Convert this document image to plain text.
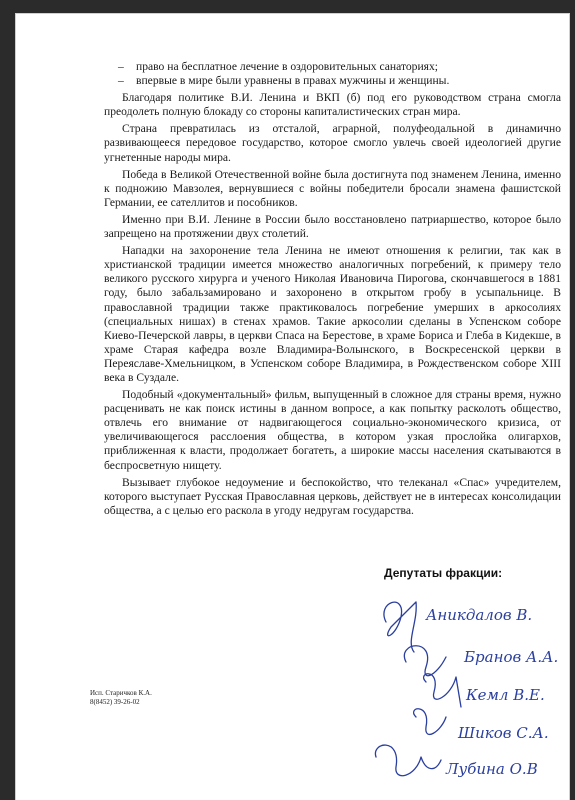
–	право на бесплатное лечение в оздоровительных санаториях;
–	впервые в мире были уравнены в правах мужчины и женщины.

Благодаря политике В.И. Ленина и ВКП (б) под его руководством страна смогла преодолеть полную блокаду со стороны капиталистических стран мира.

Страна превратилась из отсталой, аграрной, полуфеодальной в динамично развивающееся передовое государство, которое смогло увлечь своей идеологией другие угнетенные народы мира.

Победа в Великой Отечественной войне была достигнута под знаменем Ленина, именно к подножию Мавзолея, вернувшиеся с войны победители бросали знамена фашистской Германии, ее сателлитов и пособников.

Именно при В.И. Ленине в России было восстановлено патриаршество, которое было запрещено на протяжении двух столетий.

Нападки на захоронение тела Ленина не имеют отношения к религии, так как в христианской традиции имеется множество аналогичных погребений, к примеру тело великого русского хирурга и ученого Николая Ивановича Пирогова, скончавшегося в 1881 году, было забальзамировано и захоронено в открытом гробу в усыпальнице. В православной традиции также практиковалось погребение умерших в аркосолиях (специальных нишах) в стенах храмов. Такие аркосолии сделаны в Успенском соборе Киево-Печерской лавры, в церкви Спаса на Берестове, в храме Бориса и Глеба в Кидекше, в храме Старая кафедра возле Владимира-Волынского, в Воскресенской церкви в Переяславе-Хмельницком, в Успенском соборе Владимира, в Рождественском соборе XIII века в Суздале.

Подобный «документальный» фильм, выпущенный в сложное для страны время, нужно расценивать не как поиск истины в данном вопросе, а как попытку расколоть общество, отвлечь его внимание от надвигающегося социально-экономического кризиса, от увеличивающегося расслоения общества, в котором узкая прослойка олигархов, приближенная к власти, продолжает богатеть, а широкие массы населения скатываются в беспросветную нищету.

Вызывает глубокое недоумение и беспокойство, что телеканал «Спас» учредителем, которого выступает Русская Православная церковь, действует не в интересах консолидации общества, а с целью его раскола в угоду недругам государства.

Депутаты фракции:
Аникдалов В.
Бранов А.А.
Кемл В.Е.
Шиков С.А.
Лубина О.В
Исп. Старичков К.А.
8(8452) 39-26-02
